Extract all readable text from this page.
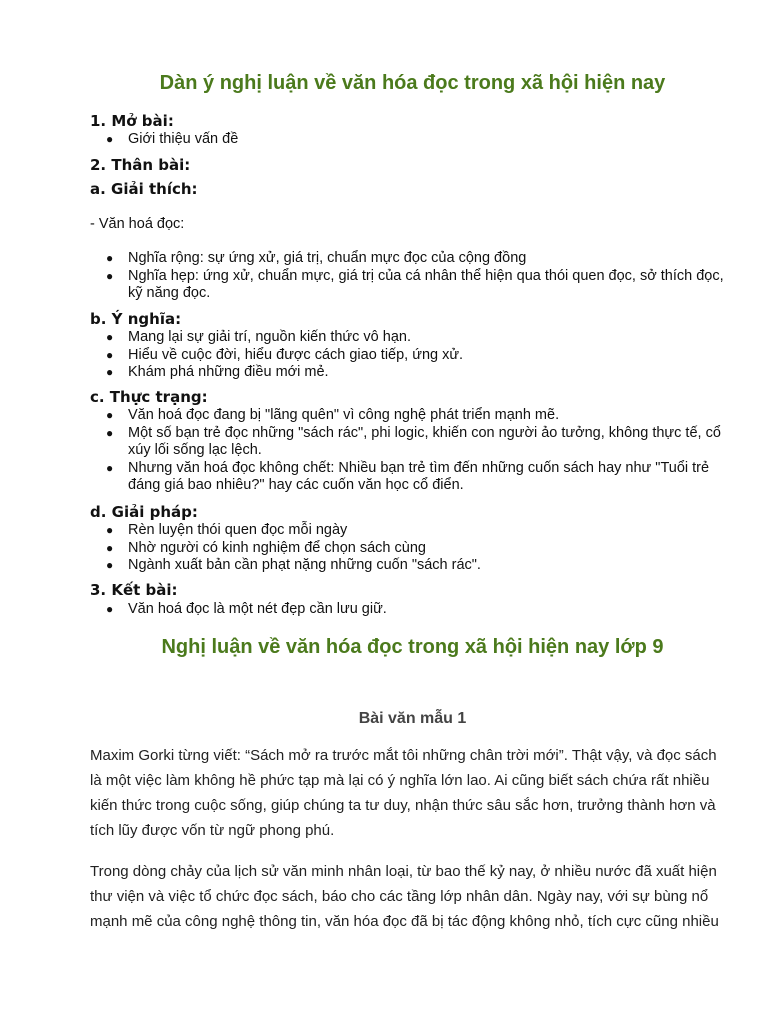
Dàn ý nghị luận về văn hóa đọc trong xã hội hiện nay
1. Mở bài:
● Giới thiệu vấn đề
2. Thân bài:
a. Giải thích:

- Văn hoá đọc:

● Nghĩa rộng: sự ứng xử, giá trị, chuẩn mực đọc của cộng đồng
● Nghĩa hẹp: ứng xử, chuẩn mực, giá trị của cá nhân thể hiện qua thói quen đọc, sở thích đọc, kỹ năng đọc.
b. Ý nghĩa:
● Mang lại sự giải trí, nguồn kiến thức vô hạn.
● Hiểu về cuộc đời, hiểu được cách giao tiếp, ứng xử.
● Khám phá những điều mới mẻ.
c. Thực trạng:
● Văn hoá đọc đang bị "lãng quên" vì công nghệ phát triển mạnh mẽ.
● Một số bạn trẻ đọc những "sách rác", phi logic, khiến con người ảo tưởng, không thực tế, cổ xúy lối sống lạc lệch.
● Nhưng văn hoá đọc không chết: Nhiều bạn trẻ tìm đến những cuốn sách hay như "Tuổi trẻ đáng giá bao nhiêu?" hay các cuốn văn học cổ điển.
d. Giải pháp:
● Rèn luyện thói quen đọc mỗi ngày
● Nhờ người có kinh nghiệm để chọn sách cùng
● Ngành xuất bản cần phạt nặng những cuốn "sách rác".
3. Kết bài:
● Văn hoá đọc là một nét đẹp cần lưu giữ.
Nghị luận về văn hóa đọc trong xã hội hiện nay lớp 9
Bài văn mẫu 1
Maxim Gorki từng viết: “Sách mở ra trước mắt tôi những chân trời mới”. Thật vậy, và đọc sách
là một việc làm không hề phức tạp mà lại có ý nghĩa lớn lao. Ai cũng biết sách chứa rất nhiều
kiến thức trong cuộc sống, giúp chúng ta tư duy, nhận thức sâu sắc hơn, trưởng thành hơn và
tích lũy được vốn từ ngữ phong phú.
Trong dòng chảy của lịch sử văn minh nhân loại, từ bao thế kỷ nay, ở nhiều nước đã xuất hiện
thư viện và việc tổ chức đọc sách, báo cho các tầng lớp nhân dân. Ngày nay, với sự bùng nổ
mạnh mẽ của công nghệ thông tin, văn hóa đọc đã bị tác động không nhỏ, tích cực cũng nhiều
